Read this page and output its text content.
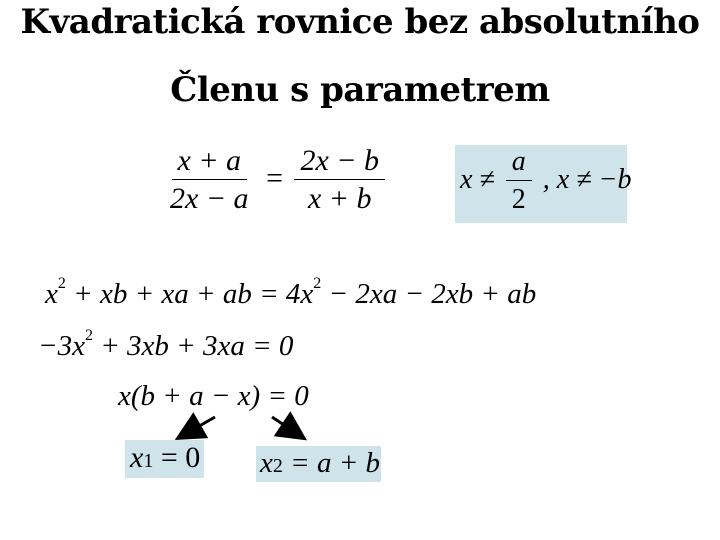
Kvadratická rovnice bez absolutního
Členu s parametrem
$\frac{x + a}{2x - a} = \frac{2x - b}{x + b}$	$x \ne \frac{a}{2}$ , x ≠ −b
$x^2$ + xb + xa + ab = $4x^2 - 2xa - 2xb$ + ab
$-3x^2 + 3xb + 3xa = 0$
x(b + a − x) = 0
x1 = 0 x2 = a + b
